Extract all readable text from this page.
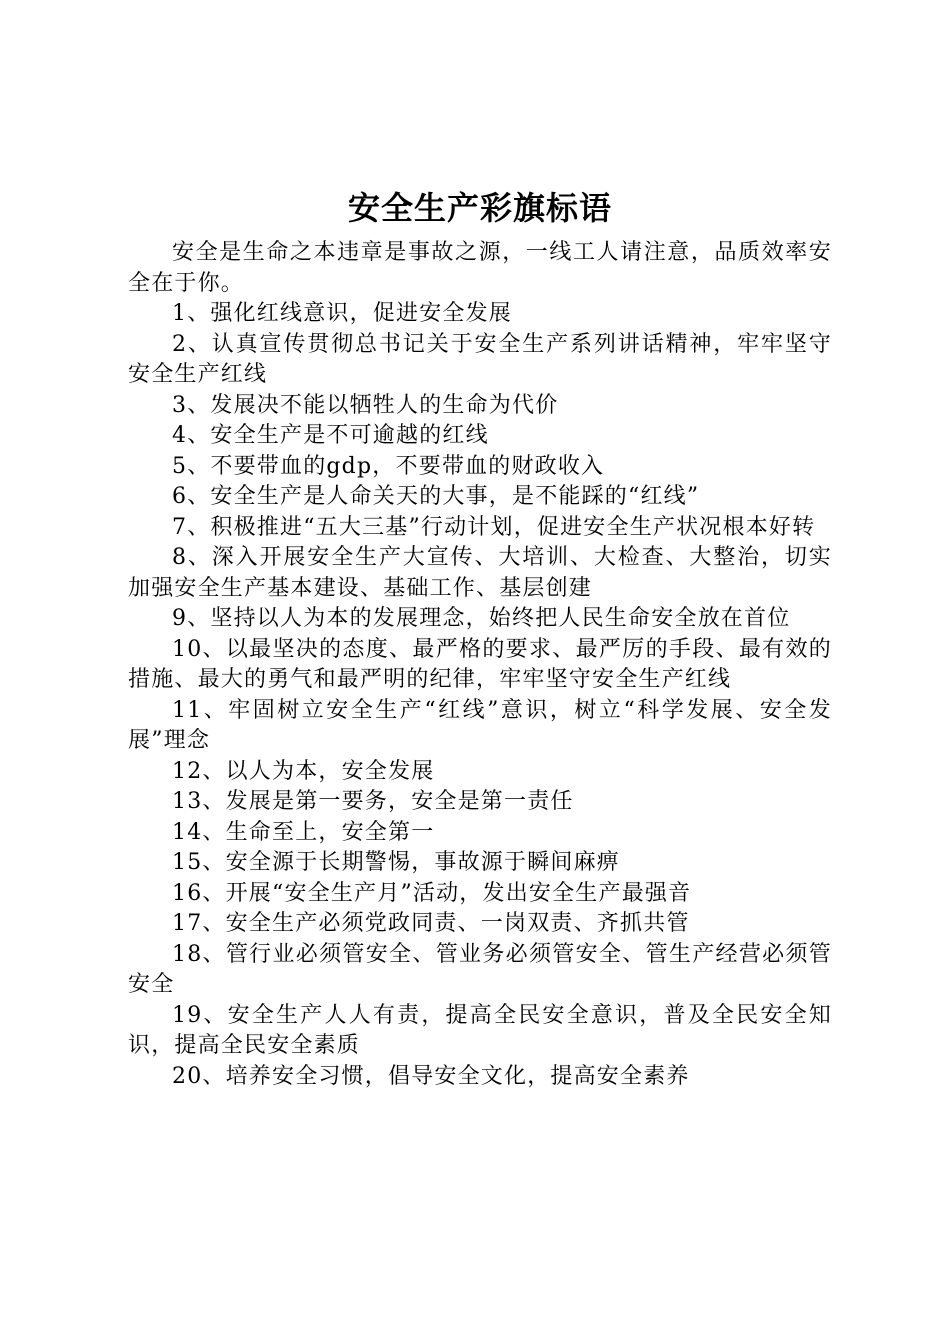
安全生产彩旗标语

安全是生命之本违章是事故之源，一线工人请注意，品质效率安全在于你。

1、强化红线意识，促进安全发展

2、认真宣传贯彻总书记关于安全生产系列讲话精神，牢牢坚守安全生产红线

3、发展决不能以牺牲人的生命为代价

4、安全生产是不可逾越的红线

5、不要带血的gdp，不要带血的财政收入

6、安全生产是人命关天的大事，是不能踩的“红线”

7、积极推进“五大三基”行动计划，促进安全生产状况根本好转

8、深入开展安全生产大宣传、大培训、大检查、大整治，切实加强安全生产基本建设、基础工作、基层创建

9、坚持以人为本的发展理念，始终把人民生命安全放在首位

10、以最坚决的态度、最严格的要求、最严厉的手段、最有效的措施、最大的勇气和最严明的纪律，牢牢坚守安全生产红线

11、牢固树立安全生产“红线”意识，树立“科学发展、安全发展”理念

12、以人为本，安全发展

13、发展是第一要务，安全是第一责任

14、生命至上，安全第一

15、安全源于长期警惕，事故源于瞬间麻痹

16、开展“安全生产月”活动，发出安全生产最强音

17、安全生产必须党政同责、一岗双责、齐抓共管

18、管行业必须管安全、管业务必须管安全、管生产经营必须管安全

19、安全生产人人有责，提高全民安全意识，普及全民安全知识，提高全民安全素质

20、培养安全习惯，倡导安全文化，提高安全素养
